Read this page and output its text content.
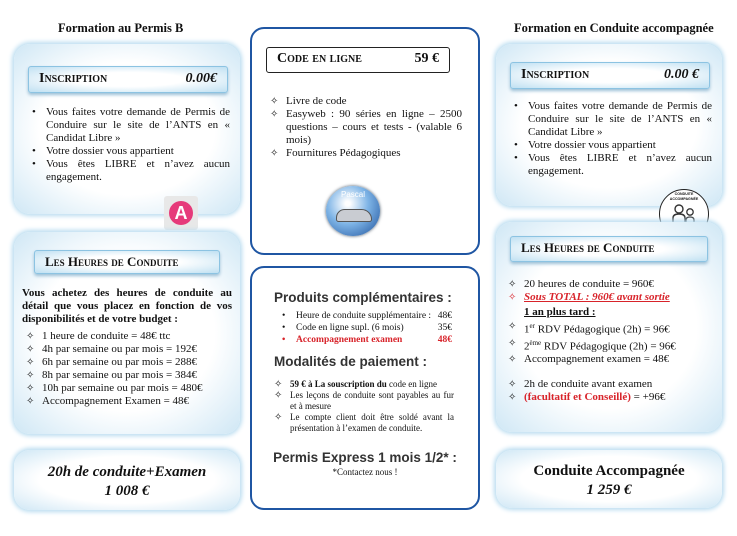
Formation au Permis B
Inscription	0.00€
• Vous faites votre demande de Permis de Conduire sur le site de l’ANTS en « Candidat Libre »
• Votre dossier vous appartient
• Vous êtes LIBRE et n’avez aucun engagement.
A
Les Heures de Conduite
Vous achetez des heures de conduite au détail que vous placez en fonction de vos disponibilités et de votre budget :
✧ 1 heure de conduite = 48€ ttc
✧ 4h par semaine ou par mois = 192€
✧ 6h par semaine ou par mois = 288€
✧ 8h par semaine ou par mois = 384€
✧ 10h par semaine ou par mois = 480€
✧ Accompagnement Examen = 48€
20h de conduite+Examen
1 008 €
Code en ligne	59 €
✧ Livre de code
✧ Easyweb : 90 séries en ligne – 2500 questions – cours et tests - (valable 6 mois)
✧ Fournitures Pédagogiques
Pascal
Produits complémentaires :
• Heure de conduite supplémentaire : 48€
• Code en ligne supl. (6 mois)	35€
• Accompagnement examen	48€
Modalités de paiement :
✧ 59 € à La souscription du code en ligne
✧ Les leçons de conduite sont payables au fur et à mesure
✧ Le compte client doit être soldé avant la présentation à l’examen de conduite.
Permis Express 1 mois 1/2* :
*Contactez nous !
Formation en Conduite accompagnée
Inscription	0.00 €
• Vous faites votre demande de Permis de Conduire sur le site de l’ANTS en « Candidat Libre »
• Votre dossier vous appartient
• Vous êtes LIBRE et n’avez aucun engagement.
CONDUITE ACCOMPAGNÉE
Les Heures de Conduite
✧ 20 heures de conduite = 960€
✧ Sous TOTAL : 960€ avant sortie
1 an plus tard :
✧ 1er RDV Pédagogique (2h) = 96€
✧ 2ème RDV Pédagogique (2h) = 96€
✧ Accompagnement examen = 48€
✧ 2h de conduite avant examen
✧ (facultatif et Conseillé) = +96€
Conduite Accompagnée
1 259 €
